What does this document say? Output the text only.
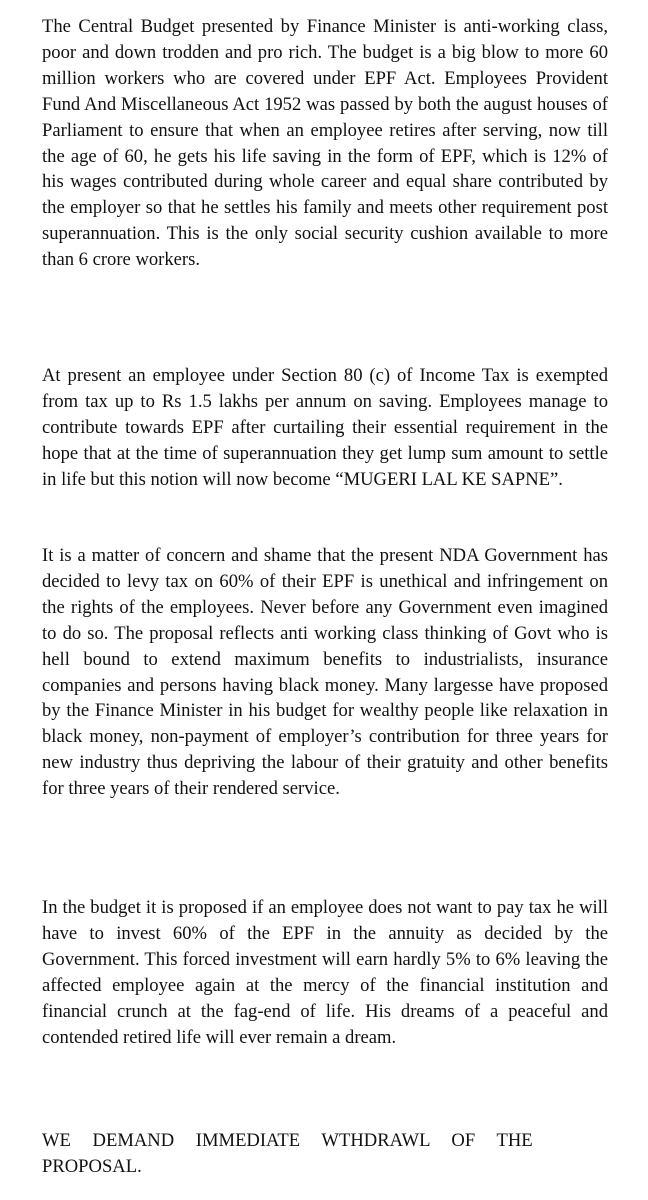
The Central Budget presented by Finance Minister is anti-working class, poor and down trodden and pro rich. The budget is a big blow to more 60 million workers who are covered under EPF Act. Employees Provident Fund And Miscellaneous Act 1952 was passed by both the august houses of Parliament to ensure that when an employee retires after serving, now till the age of 60, he gets his life saving in the form of EPF, which is 12% of his wages contributed during whole career and equal share contributed by the employer so that he settles his family and meets other requirement post superannuation. This is the only social security cushion available to more than 6 crore workers.

At present an employee under Section 80 (c) of Income Tax is exempted from tax up to Rs 1.5 lakhs per annum on saving. Employees manage to contribute towards EPF after curtailing their essential requirement in the hope that at the time of superannuation they get lump sum amount to settle in life but this notion will now become “MUGERI LAL KE SAPNE”.

It is a matter of concern and shame that the present NDA Government has decided to levy tax on 60% of their EPF is unethical and infringement on the rights of the employees. Never before any Government even imagined to do so. The proposal reflects anti working class thinking of Govt who is hell bound to extend maximum benefits to industrialists, insurance companies and persons having black money. Many largesse have proposed by the Finance Minister in his budget for wealthy people like relaxation in black money, non-payment of employer’s contribution for three years for new industry thus depriving the labour of their gratuity and other benefits for three years of their rendered service.

In the budget it is proposed if an employee does not want to pay tax he will have to invest 60% of the EPF in the annuity as decided by the Government. This forced investment will earn hardly 5% to 6% leaving the affected employee again at the mercy of the financial institution and financial crunch at the fag-end of life. His dreams of a peaceful and contended retired life will ever remain a dream.

WE DEMAND IMMEDIATE WTHDRAWL OF THE PROPOSAL.
